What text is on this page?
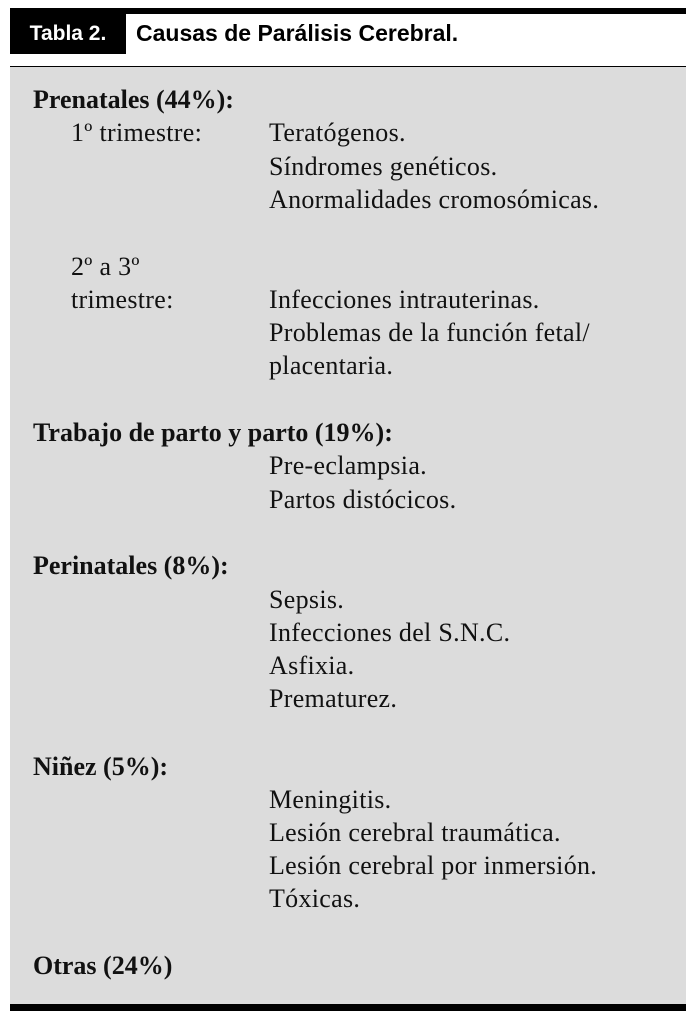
Tabla 2.	Causas de Parálisis Cerebral.
Prenatales (44%):
1º trimestre:	Teratógenos.
Síndromes genéticos.
Anormalidades cromosómicas.
2º a 3º
trimestre:	Infecciones intrauterinas.
Problemas de la función fetal/
placentaria.
Trabajo de parto y parto (19%):
Pre-eclampsia.
Partos distócicos.
Perinatales (8%):
Sepsis.
Infecciones del S.N.C.
Asfixia.
Prematurez.
Niñez (5%):
Meningitis.
Lesión cerebral traumática.
Lesión cerebral por inmersión.
Tóxicas.
Otras (24%)
